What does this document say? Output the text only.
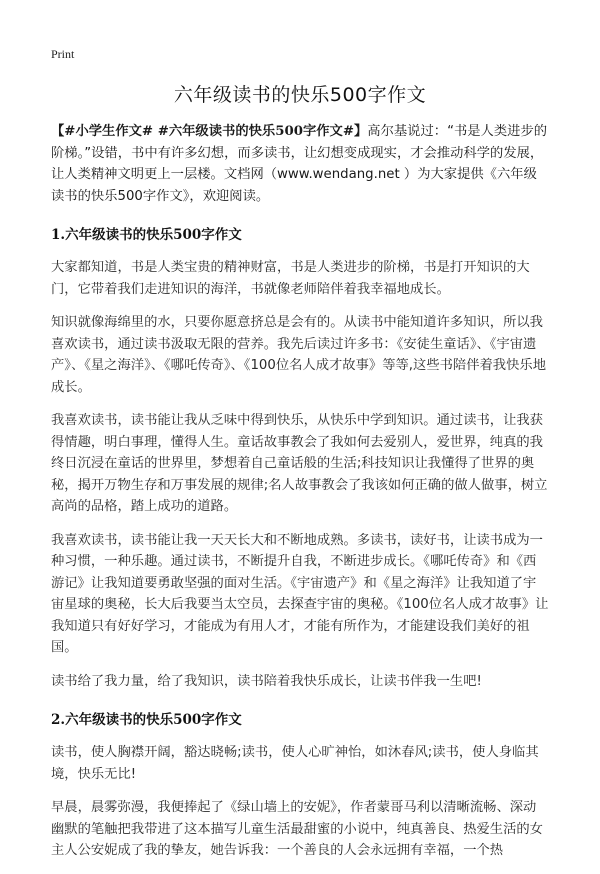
Print
六年级读书的快乐500字作文

【#小学生作文# #六年级读书的快乐500字作文#】高尔基说过：“书是人类进步的阶梯。”设错，书中有许多幻想，而多读书，让幻想变成现实，才会推动科学的发展，让人类精神文明更上一层楼。文档网（www.wendang.net ）为大家提供《六年级读书的快乐500字作文》，欢迎阅读。

1.六年级读书的快乐500字作文

大家都知道，书是人类宝贵的精神财富，书是人类进步的阶梯，书是打开知识的大门，它带着我们走进知识的海洋，书就像老师陪伴着我幸福地成长。

知识就像海绵里的水，只要你愿意挤总是会有的。从读书中能知道许多知识，所以我喜欢读书，通过读书汲取无限的营养。我先后读过许多书：《安徒生童话》、《宇宙遗产》、《星之海洋》、《哪吒传奇》、《100位名人成才故事》等等,这些书陪伴着我快乐地成长。

我喜欢读书，读书能让我从乏味中得到快乐，从快乐中学到知识。通过读书，让我获得情趣，明白事理，懂得人生。童话故事教会了我如何去爱别人，爱世界，纯真的我终日沉浸在童话的世界里，梦想着自己童话般的生活;科技知识让我懂得了世界的奥秘，揭开万物生存和万事发展的规律;名人故事教会了我该如何正确的做人做事，树立高尚的品格，踏上成功的道路。

我喜欢读书，读书能让我一天天长大和不断地成熟。多读书，读好书，让读书成为一种习惯，一种乐趣。通过读书，不断提升自我，不断进步成长。《哪吒传奇》和《西游记》让我知道要勇敢坚强的面对生活。《宇宙遗产》和《星之海洋》让我知道了宇宙星球的奥秘，长大后我要当太空员，去探查宇宙的奥秘。《100位名人成才故事》让我知道只有好好学习，才能成为有用人才，才能有所作为，才能建设我们美好的祖国。

读书给了我力量，给了我知识，读书陪着我快乐成长，让读书伴我一生吧!

2.六年级读书的快乐500字作文

读书，使人胸襟开阔，豁达晓畅;读书，使人心旷神怡，如沐春风;读书，使人身临其境，快乐无比!

早晨，晨雾弥漫，我便捧起了《绿山墙上的安妮》，作者蒙哥马利以清晰流畅、深动幽默的笔触把我带进了这本描写儿童生活最甜蜜的小说中，纯真善良、热爱生活的女主人公安妮成了我的挚友，她告诉我：一个善良的人会永远拥有幸福，一个热
